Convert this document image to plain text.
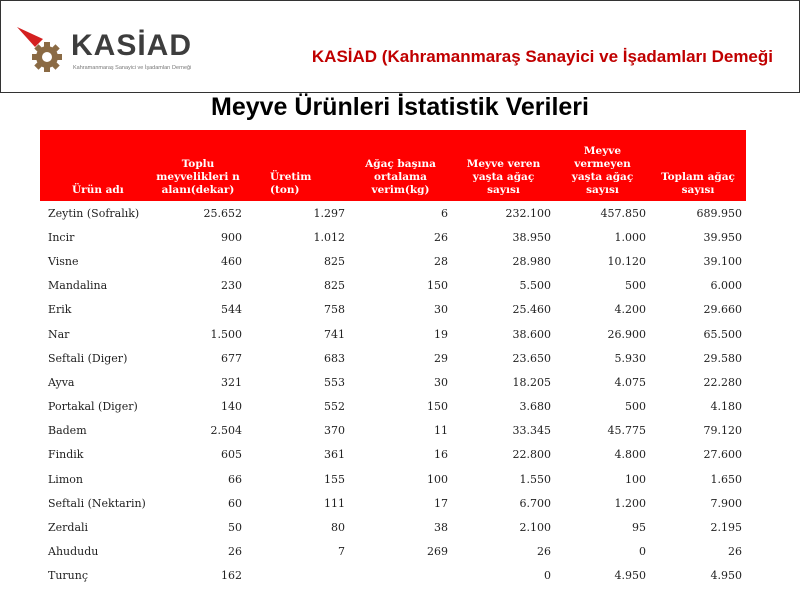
KASİAD
Kahramanmaraş Sanayici ve İşadamları Derneği
KASİAD (Kahramanmaraş Sanayici ve İşadamları Demeği
Meyve Ürünleri İstatistik Verileri
Ürün adı	Toplu meyvelikleri n alanı(dekar)	Üretim (ton)	Ağaç başına ortalama verim(kg)	Meyve veren yaşta ağaç sayısı	Meyve vermeyen yaşta ağaç sayısı	Toplam ağaç sayısı
Zeytin (Sofralık)	25.652	1.297	6	232.100	457.850	689.950
Incir	900	1.012	26	38.950	1.000	39.950
Visne	460	825	28	28.980	10.120	39.100
Mandalina	230	825	150	5.500	500	6.000
Erik	544	758	30	25.460	4.200	29.660
Nar	1.500	741	19	38.600	26.900	65.500
Seftali (Diger)	677	683	29	23.650	5.930	29.580
Ayva	321	553	30	18.205	4.075	22.280
Portakal (Diger)	140	552	150	3.680	500	4.180
Badem	2.504	370	11	33.345	45.775	79.120
Findik	605	361	16	22.800	4.800	27.600
Limon	66	155	100	1.550	100	1.650
Seftali (Nektarin)	60	111	17	6.700	1.200	7.900
Zerdali	50	80	38	2.100	95	2.195
Ahududu	26	7	269	26	0	26
Turunç	162			0	4.950	4.950
